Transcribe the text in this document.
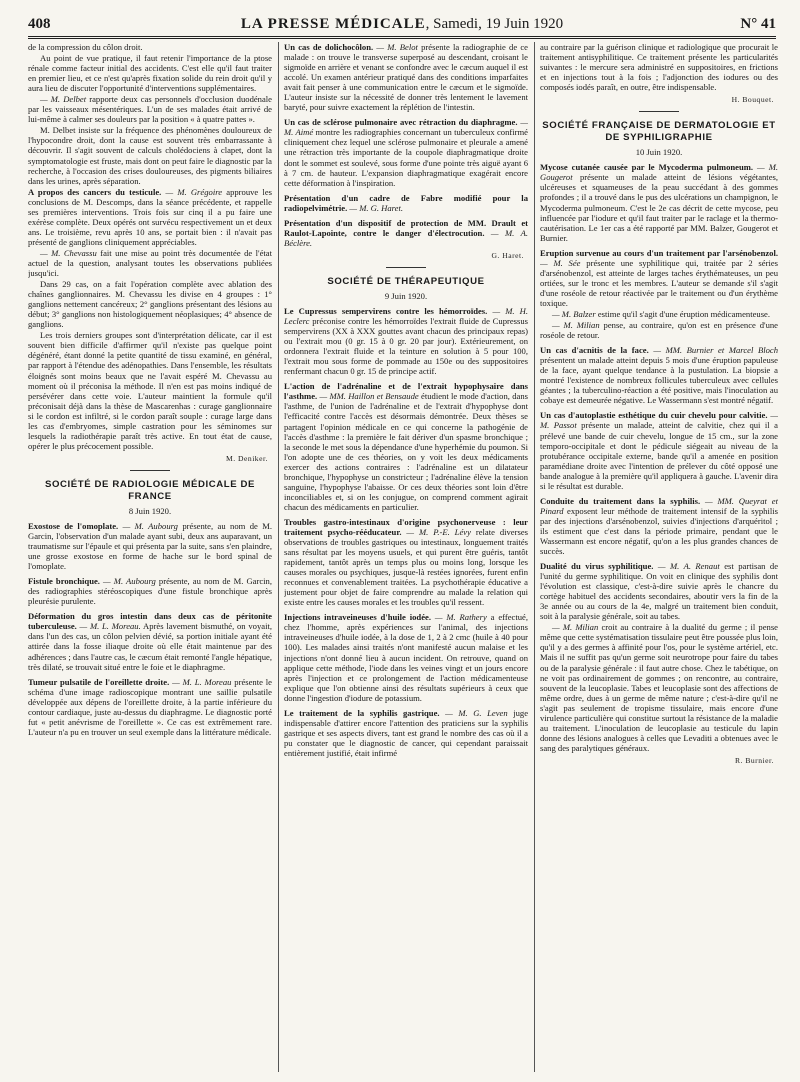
408	LA PRESSE MÉDICALE, Samedi, 19 Juin 1920	N° 41

de la compression du côlon droit.

Au point de vue pratique, il faut retenir l'importance de la ptose rénale comme facteur initial des accidents. C'est elle qu'il faut traiter en premier lieu, et ce n'est qu'après fixation solide du rein droit qu'il y aura lieu de discuter l'opportunité d'interventions supplémentaires.

— M. Delbet rapporte deux cas personnels d'occlusion duodénale par les vaisseaux mésentériques. L'un de ses malades était arrivé de lui-même à calmer ses douleurs par la position « à quatre pattes ».

M. Delbet insiste sur la fréquence des phénomènes douloureux de l'hypocondre droit, dont la cause est souvent très embarrassante à découvrir. Il s'agit souvent de calculs cholédociens à clapet, dont la symptomatologie est fruste, mais dont on peut faire le diagnostic par la recherche, à l'occasion des crises douloureuses, des pigments biliaires dans les urines, après séparation.

A propos des cancers du testicule. — M. Grégoire approuve les conclusions de M. Descomps, dans la séance précédente, et rappelle ses premières interventions. Trois fois sur cinq il a pu faire une exérèse complète. Deux opérés ont survécu respectivement un et deux ans. Le troisième, revu après 10 ans, se portait bien : il n'avait pas présenté de ganglions cliniquement appréciables.

— M. Chevassu fait une mise au point très documentée de l'état actuel de la question, analysant toutes les observations publiées jusqu'ici.

Dans 29 cas, on a fait l'opération complète avec ablation des chaînes ganglionnaires. M. Chevassu les divise en 4 groupes : 1° ganglions nettement cancéreux; 2° ganglions présentant des lésions au début; 3° ganglions non histologiquement néoplasiques; 4° absence de ganglions.

Les trois derniers groupes sont d'interprétation délicate, car il est souvent bien difficile d'affirmer qu'il n'existe pas quelque point dégénéré, étant donné la petite quantité de tissu examiné, en général, par rapport à l'étendue des adénopathies. Dans l'ensemble, les résultats éloignés sont moins beaux que ne l'avait espéré M. Chevassu au moment où il préconisa la méthode. Il n'en est pas moins indiqué de persévérer dans cette voie. L'auteur maintient la formule qu'il préconisait déjà dans la thèse de Mascarenhas : curage ganglionnaire si le cordon est infiltré, si le cordon paraît souple : curage large dans les cas d'embryomes, simple castration pour les séminomes sur lesquels la radiothérapie paraît très active. En tout état de cause, opérer le plus précocement possible.

M. Deniker.
SOCIÉTÉ DE RADIOLOGIE MÉDICALE DE FRANCE
8 Juin 1920.

Exostose de l'omoplate. — M. Aubourg présente, au nom de M. Garcin, l'observation d'un malade ayant subi, deux ans auparavant, un traumatisme sur l'épaule et qui présenta par la suite, sans s'en plaindre, une grosse exostose en forme de hache sur le bord spinal de l'omoplate.

Fistule bronchique. — M. Aubourg présente, au nom de M. Garcin, des radiographies stéréoscopiques d'une fistule bronchique après pleurésie purulente.

Déformation du gros intestin dans deux cas de péritonite tuberculeuse. — M. L. Moreau. Après lavement bismuthé, on voyait, dans l'un des cas, un côlon pelvien dévié, sa portion initiale ayant été attirée dans la fosse iliaque droite où elle était maintenue par des adhérences ; dans l'autre cas, le cæcum était remonté l'angle hépatique, très dilaté, se trouvait situé entre le foie et le diaphragme.

Tumeur pulsatile de l'oreillette droite. — M. L. Moreau présente le schéma d'une image radioscopique montrant une saillie pulsatile développée aux dépens de l'oreillette droite, à la partie inférieure du contour cardiaque, juste au-dessus du diaphragme. Le diagnostic porté fut « petit anévrisme de l'oreillette ». Ce cas est extrêmement rare. L'auteur n'a pu en trouver un seul exemple dans la littérature médicale.

Un cas de dolichocôlon. — M. Belot présente la radiographie de ce malade : on trouve le transverse superposé au descendant, croisant le sigmoïde en arrière et venant se confondre avec le cæcum auquel il est accolé. Un examen antérieur pratiqué dans des conditions imparfaites avait fait penser à une communication entre le cæcum et le sigmoïde. L'auteur insiste sur la nécessité de donner très lentement le lavement baryté, pour suivre exactement la réplétion de l'intestin.

Un cas de sclérose pulmonaire avec rétraction du diaphragme. — M. Aimé montre les radiographies concernant un tuberculeux confirmé cliniquement chez lequel une sclérose pulmonaire et pleurale a amené une rétraction très importante de la coupole diaphragmatique droite dont le sommet est soulevé, sous forme d'une pointe très aiguë ayant 6 à 7 cm. de hauteur. L'expansion diaphragmatique exagérait encore cette déformation à l'inspiration.

Présentation d'un cadre de Fabre modifié pour la radiopelvimétrie. — M. G. Haret.

Présentation d'un dispositif de protection de MM. Drault et Raulot-Lapointe, contre le danger d'électrocution. — M. A. Béclère.

G. Haret.
SOCIÉTÉ DE THÉRAPEUTIQUE
9 Juin 1920.

Le Cupressus sempervirens contre les hémorroïdes. — M. H. Leclerc préconise contre les hémorroïdes l'extrait fluide de Cupressus sempervirens (XX à XXX gouttes avant chacun des principaux repas) ou l'extrait mou (0 gr. 15 à 0 gr. 20 par jour). Extérieurement, on ordonnera l'extrait fluide et la teinture en solution à 5 pour 100, l'extrait mou sous forme de pommade au 150e ou des suppositoires renfermant chacun 0 gr. 15 de principe actif.

L'action de l'adrénaline et de l'extrait hypophysaire dans l'asthme. — MM. Haillon et Bensaude étudient le mode d'action, dans l'asthme, de l'union de l'adrénaline et de l'extrait d'hypophyse dont l'efficacité contre l'accès est désormais démontrée. Deux thèses se partagent l'opinion médicale en ce qui concerne la pathogénie de l'accès d'asthme : la première le fait dériver d'un spasme bronchique ; la seconde le met sous la dépendance d'une hyperhémie du poumon. Si l'on adopte une de ces théories, on y voit les deux médicaments exercer des actions contraires : l'adrénaline est un dilatateur bronchique, l'hypophyse un constricteur ; l'adrénaline élève la tension sanguine, l'hypophyse l'abaisse. Or ces deux théories sont loin d'être inconciliables et, si on les conjugue, on comprend comment agirait chacun des médicaments en particulier.

Troubles gastro-intestinaux d'origine psychonerveuse : leur traitement psycho-rééducateur. — M. P.-E. Lévy relate diverses observations de troubles gastriques ou intestinaux, longuement traités sans résultat par les moyens usuels, et qui purent être guéris, tantôt rapidement, tantôt après un temps plus ou moins long, lorsque les causes morales ou psychiques, jusque-là restées ignorées, furent enfin reconnues et convenablement traitées. La psychothérapie éducative a justement pour objet de faire comprendre au malade la relation qui existe entre les causes morales et les troubles qu'il ressent.

Injections intraveineuses d'huile iodée. — M. Rathery a effectué, chez l'homme, après expériences sur l'animal, des injections intraveineuses d'huile iodée, à la dose de 1, 2 à 2 cmc (huile à 40 pour 100). Les malades ainsi traités n'ont manifesté aucun malaise et les injections n'ont donné lieu à aucun incident. On retrouve, quand on applique cette méthode, l'iode dans les veines vingt et un jours encore après l'injection et ce prolongement de l'action médicamenteuse explique que l'on obtienne ainsi des résultats supérieurs à ceux que donne l'ingestion d'iodure de potassium.

Le traitement de la syphilis gastrique. — M. G. Leven juge indispensable d'attirer encore l'attention des praticiens sur la syphilis gastrique et ses aspects divers, tant est grand le nombre des cas où il a pu constater que le diagnostic de cancer, qui cependant paraissait entièrement justifié, était infirmé

au contraire par la guérison clinique et radiologique que procurait le traitement antisyphilitique. Ce traitement présente les particularités suivantes : le mercure sera administré en suppositoires, en frictions et en injections tout à la fois ; l'adjonction des iodures ou des composés iodés paraît, en outre, être indispensable.

H. Bouquet.
SOCIÉTÉ FRANÇAISE DE DERMATOLOGIE ET DE SYPHILIGRAPHIE
10 Juin 1920.

Mycose cutanée causée par le Mycoderma pulmoneum. — M. Gougerot présente un malade atteint de lésions végétantes, ulcéreuses et squameuses de la peau succédant à des gommes profondes ; il a trouvé dans le pus des ulcérations un champignon, le Mycoderma pulmoneum. C'est le 2e cas décrit de cette mycose, peu influencée par l'iodure et qu'il faut traiter par le raclage et la thermo-cautérisation. Le 1er cas a été rapporté par MM. Balzer, Gougerot et Burnier.

Eruption survenue au cours d'un traitement par l'arsénobenzol. — M. Sée présente une syphilitique qui, traitée par 2 séries d'arsénobenzol, est atteinte de larges taches érythémateuses, un peu ortiées, sur le tronc et les membres. L'auteur se demande s'il s'agit d'une roséole de retour réactivée par le traitement ou d'un érythème toxique.

— M. Balzer estime qu'il s'agit d'une éruption médicamenteuse.

— M. Milian pense, au contraire, qu'on est en présence d'une roséole de retour.

Un cas d'acnitis de la face. — MM. Burnier et Marcel Bloch présentent un malade atteint depuis 5 mois d'une éruption papuleuse de la face, ayant quelque tendance à la pustulation. La biopsie a montré l'existence de nombreux follicules tuberculeux avec cellules géantes ; la tuberculino-réaction a été positive, mais l'inoculation au cobaye est demeurée négative. Le Wassermann s'est montré négatif.

Un cas d'autoplastie esthétique du cuir chevelu pour calvitie. — M. Passot présente un malade, atteint de calvitie, chez qui il a prélevé une bande de cuir chevelu, longue de 15 cm., sur la zone temporo-occipitale et dont le pédicule siégeait au niveau de la protubérance occipitale externe, bande qu'il a amenée en position paramédiane droite avec l'intention de prélever du côté opposé une bande analogue à la première qu'il appliquera à gauche. L'avenir dira si le résultat est durable.

Conduite du traitement dans la syphilis. — MM. Queyrat et Pinard exposent leur méthode de traitement intensif de la syphilis par des injections d'arsénobenzol, suivies d'injections d'arquéritol ; ils estiment que c'est dans la période primaire, pendant que le Wassermann est encore négatif, qu'on a les plus grandes chances de succès.

Dualité du virus syphilitique. — M. A. Renaut est partisan de l'unité du germe syphilitique. On voit en clinique des syphilis dont l'évolution est classique, c'est-à-dire suivie après le chancre du cortège habituel des accidents secondaires, aboutir vers la fin de la 3e année ou au cours de la 4e, malgré un traitement bien conduit, soit à la paralysie générale, soit au tabes.

— M. Milian croit au contraire à la dualité du germe ; il pense même que cette systématisation tissulaire peut être poussée plus loin, qu'il y a des germes à affinité pour l'os, pour le système artériel, etc. Mais il ne suffit pas qu'un germe soit neurotrope pour faire du tabes ou de la paralysie générale : il faut autre chose. Chez le tabétique, on ne voit pas ordinairement de gommes ; on rencontre, au contraire, souvent de la leucoplasie. Tabes et leucoplasie sont des affections de même ordre, dues à un germe de même nature ; c'est-à-dire qu'il ne s'agit pas seulement de tropisme tissulaire, mais encore d'une virulence particulière qui constitue surtout la résistance de la maladie au traitement. L'inoculation de leucoplasie au testicule du lapin donne des lésions analogues à celles que Levaditi a obtenues avec le sang des paralytiques généraux.

R. Burnier.
